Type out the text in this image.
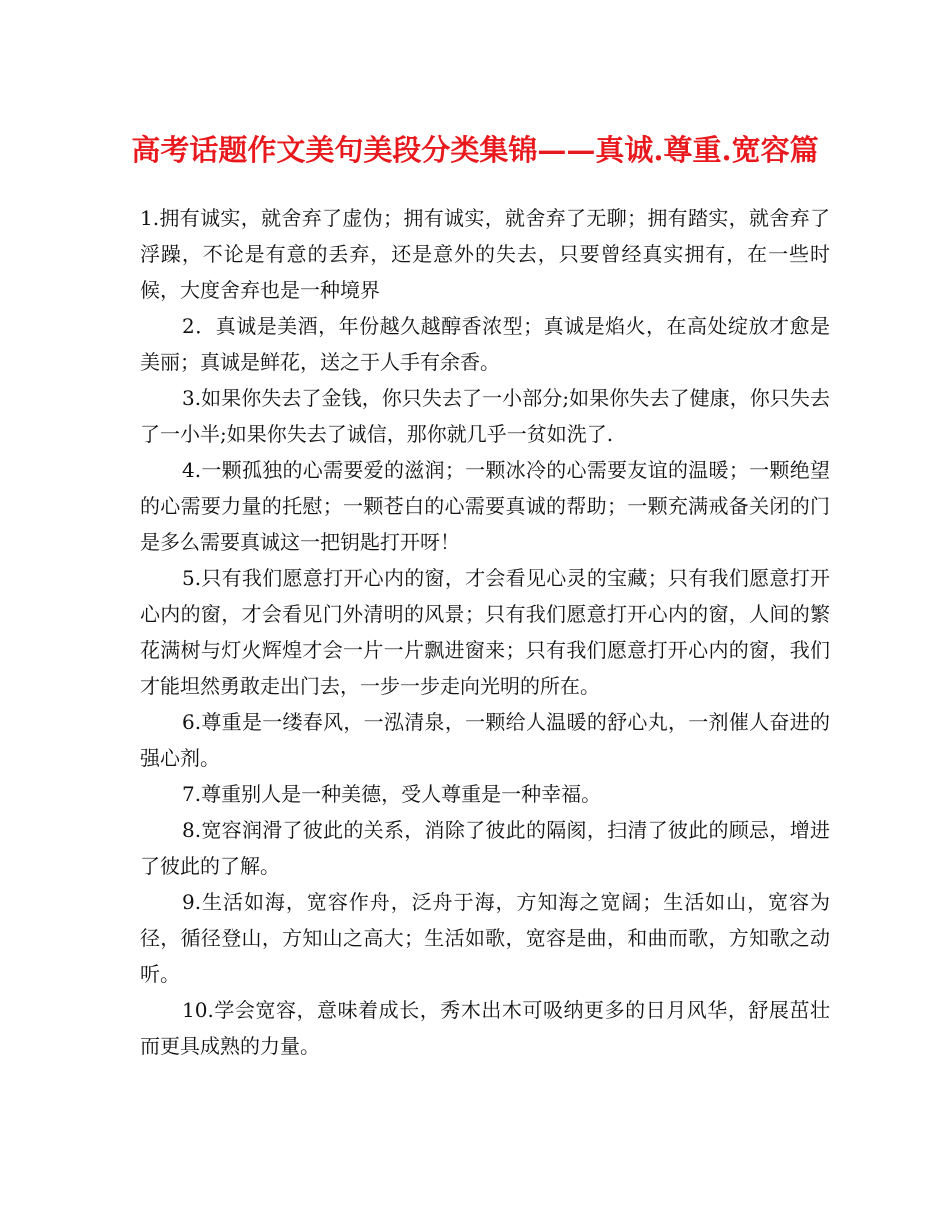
高考话题作文美句美段分类集锦——真诚.尊重.宽容篇

1.拥有诚实，就舍弃了虚伪；拥有诚实，就舍弃了无聊；拥有踏实，就舍弃了浮躁，不论是有意的丢弃，还是意外的失去，只要曾经真实拥有，在一些时候，大度舍弃也是一种境界

2．真诚是美酒，年份越久越醇香浓型；真诚是焰火，在高处绽放才愈是美丽；真诚是鲜花，送之于人手有余香。

3.如果你失去了金钱，你只失去了一小部分;如果你失去了健康，你只失去了一小半;如果你失去了诚信，那你就几乎一贫如洗了.

4.一颗孤独的心需要爱的滋润；一颗冰冷的心需要友谊的温暖；一颗绝望的心需要力量的托慰；一颗苍白的心需要真诚的帮助；一颗充满戒备关闭的门是多么需要真诚这一把钥匙打开呀！

5.只有我们愿意打开心内的窗，才会看见心灵的宝藏；只有我们愿意打开心内的窗，才会看见门外清明的风景；只有我们愿意打开心内的窗，人间的繁花满树与灯火辉煌才会一片一片飘进窗来；只有我们愿意打开心内的窗，我们才能坦然勇敢走出门去，一步一步走向光明的所在。

6.尊重是一缕春风，一泓清泉，一颗给人温暖的舒心丸，一剂催人奋进的强心剂。

7.尊重别人是一种美德，受人尊重是一种幸福。

8.宽容润滑了彼此的关系，消除了彼此的隔阂，扫清了彼此的顾忌，增进了彼此的了解。

9.生活如海，宽容作舟，泛舟于海，方知海之宽阔；生活如山，宽容为径，循径登山，方知山之高大；生活如歌，宽容是曲，和曲而歌，方知歌之动听。

10.学会宽容，意味着成长，秀木出木可吸纳更多的日月风华，舒展茁壮而更具成熟的力量。
